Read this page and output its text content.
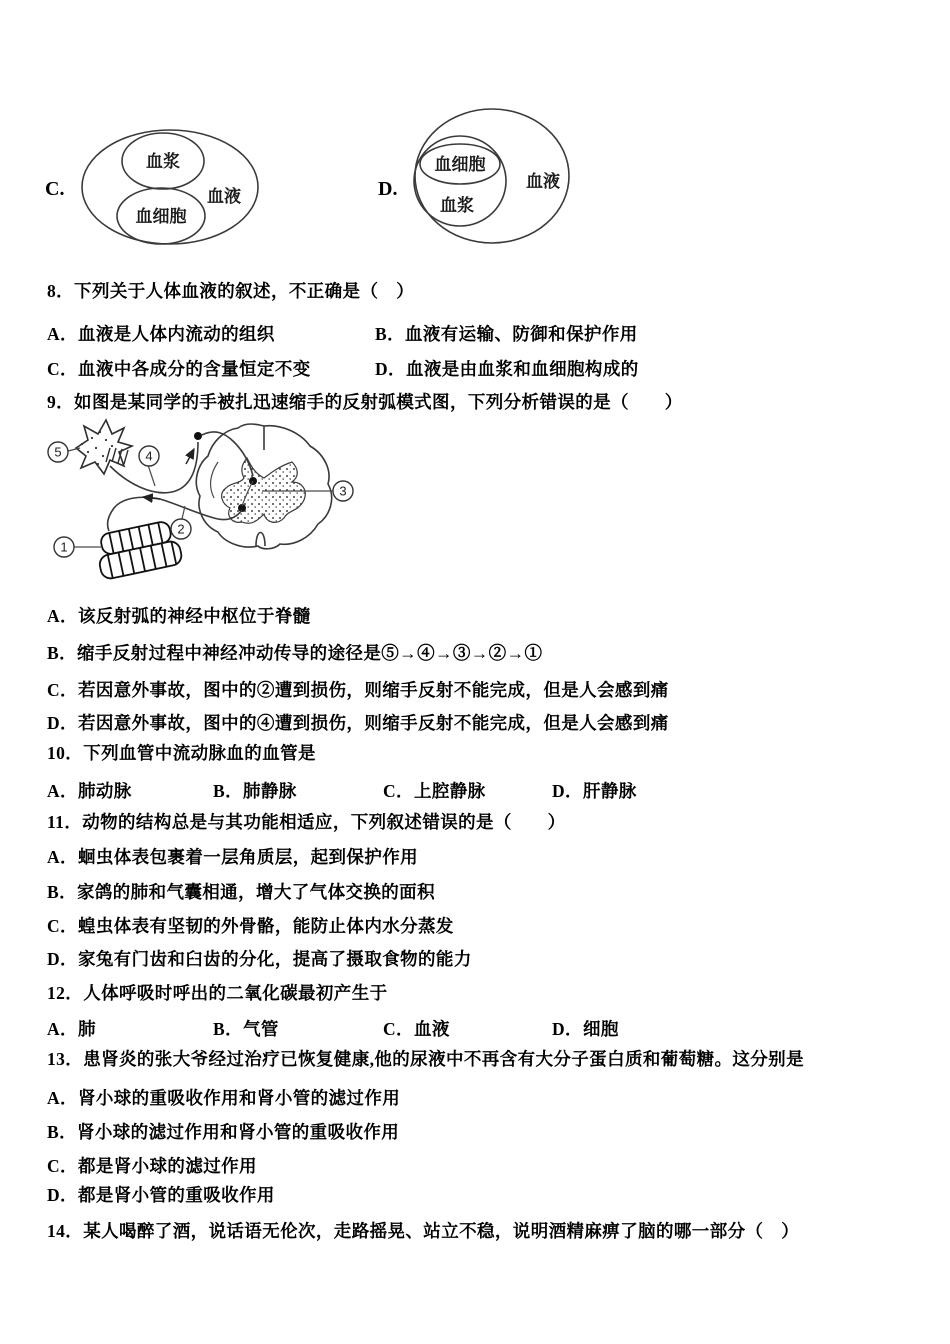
C.
血浆
血细胞
血液	D.
血细胞
血浆
血液
8．下列关于人体血液的叙述，不正确是（　）
A．血液是人体内流动的组织	B．血液有运输、防御和保护作用
C．血液中各成分的含量恒定不变	D．血液是由血浆和血细胞构成的
9．如图是某同学的手被扎迅速缩手的反射弧模式图，下列分析错误的是（　　）
5	4
3
2
1
A．该反射弧的神经中枢位于脊髓
B．缩手反射过程中神经冲动传导的途径是⑤→④→③→②→①
C．若因意外事故，图中的②遭到损伤，则缩手反射不能完成，但是人会感到痛
D．若因意外事故，图中的④遭到损伤，则缩手反射不能完成，但是人会感到痛
10．下列血管中流动脉血的血管是
A．肺动脉	B．肺静脉	C．上腔静脉	D．肝静脉
11．动物的结构总是与其功能相适应，下列叙述错误的是（　　）
A．蛔虫体表包裹着一层角质层，起到保护作用
B．家鸽的肺和气囊相通，增大了气体交换的面积
C．蝗虫体表有坚韧的外骨骼，能防止体内水分蒸发
D．家兔有门齿和臼齿的分化，提高了摄取食物的能力
12．人体呼吸时呼出的二氧化碳最初产生于
A．肺	B．气管	C．血液	D．细胞
13．患肾炎的张大爷经过治疗已恢复健康,他的尿液中不再含有大分子蛋白质和葡萄糖。这分别是
A．肾小球的重吸收作用和肾小管的滤过作用
B．肾小球的滤过作用和肾小管的重吸收作用
C．都是肾小球的滤过作用
D．都是肾小管的重吸收作用
14．某人喝醉了酒，说话语无伦次，走路摇晃、站立不稳，说明酒精麻痹了脑的哪一部分（　）
